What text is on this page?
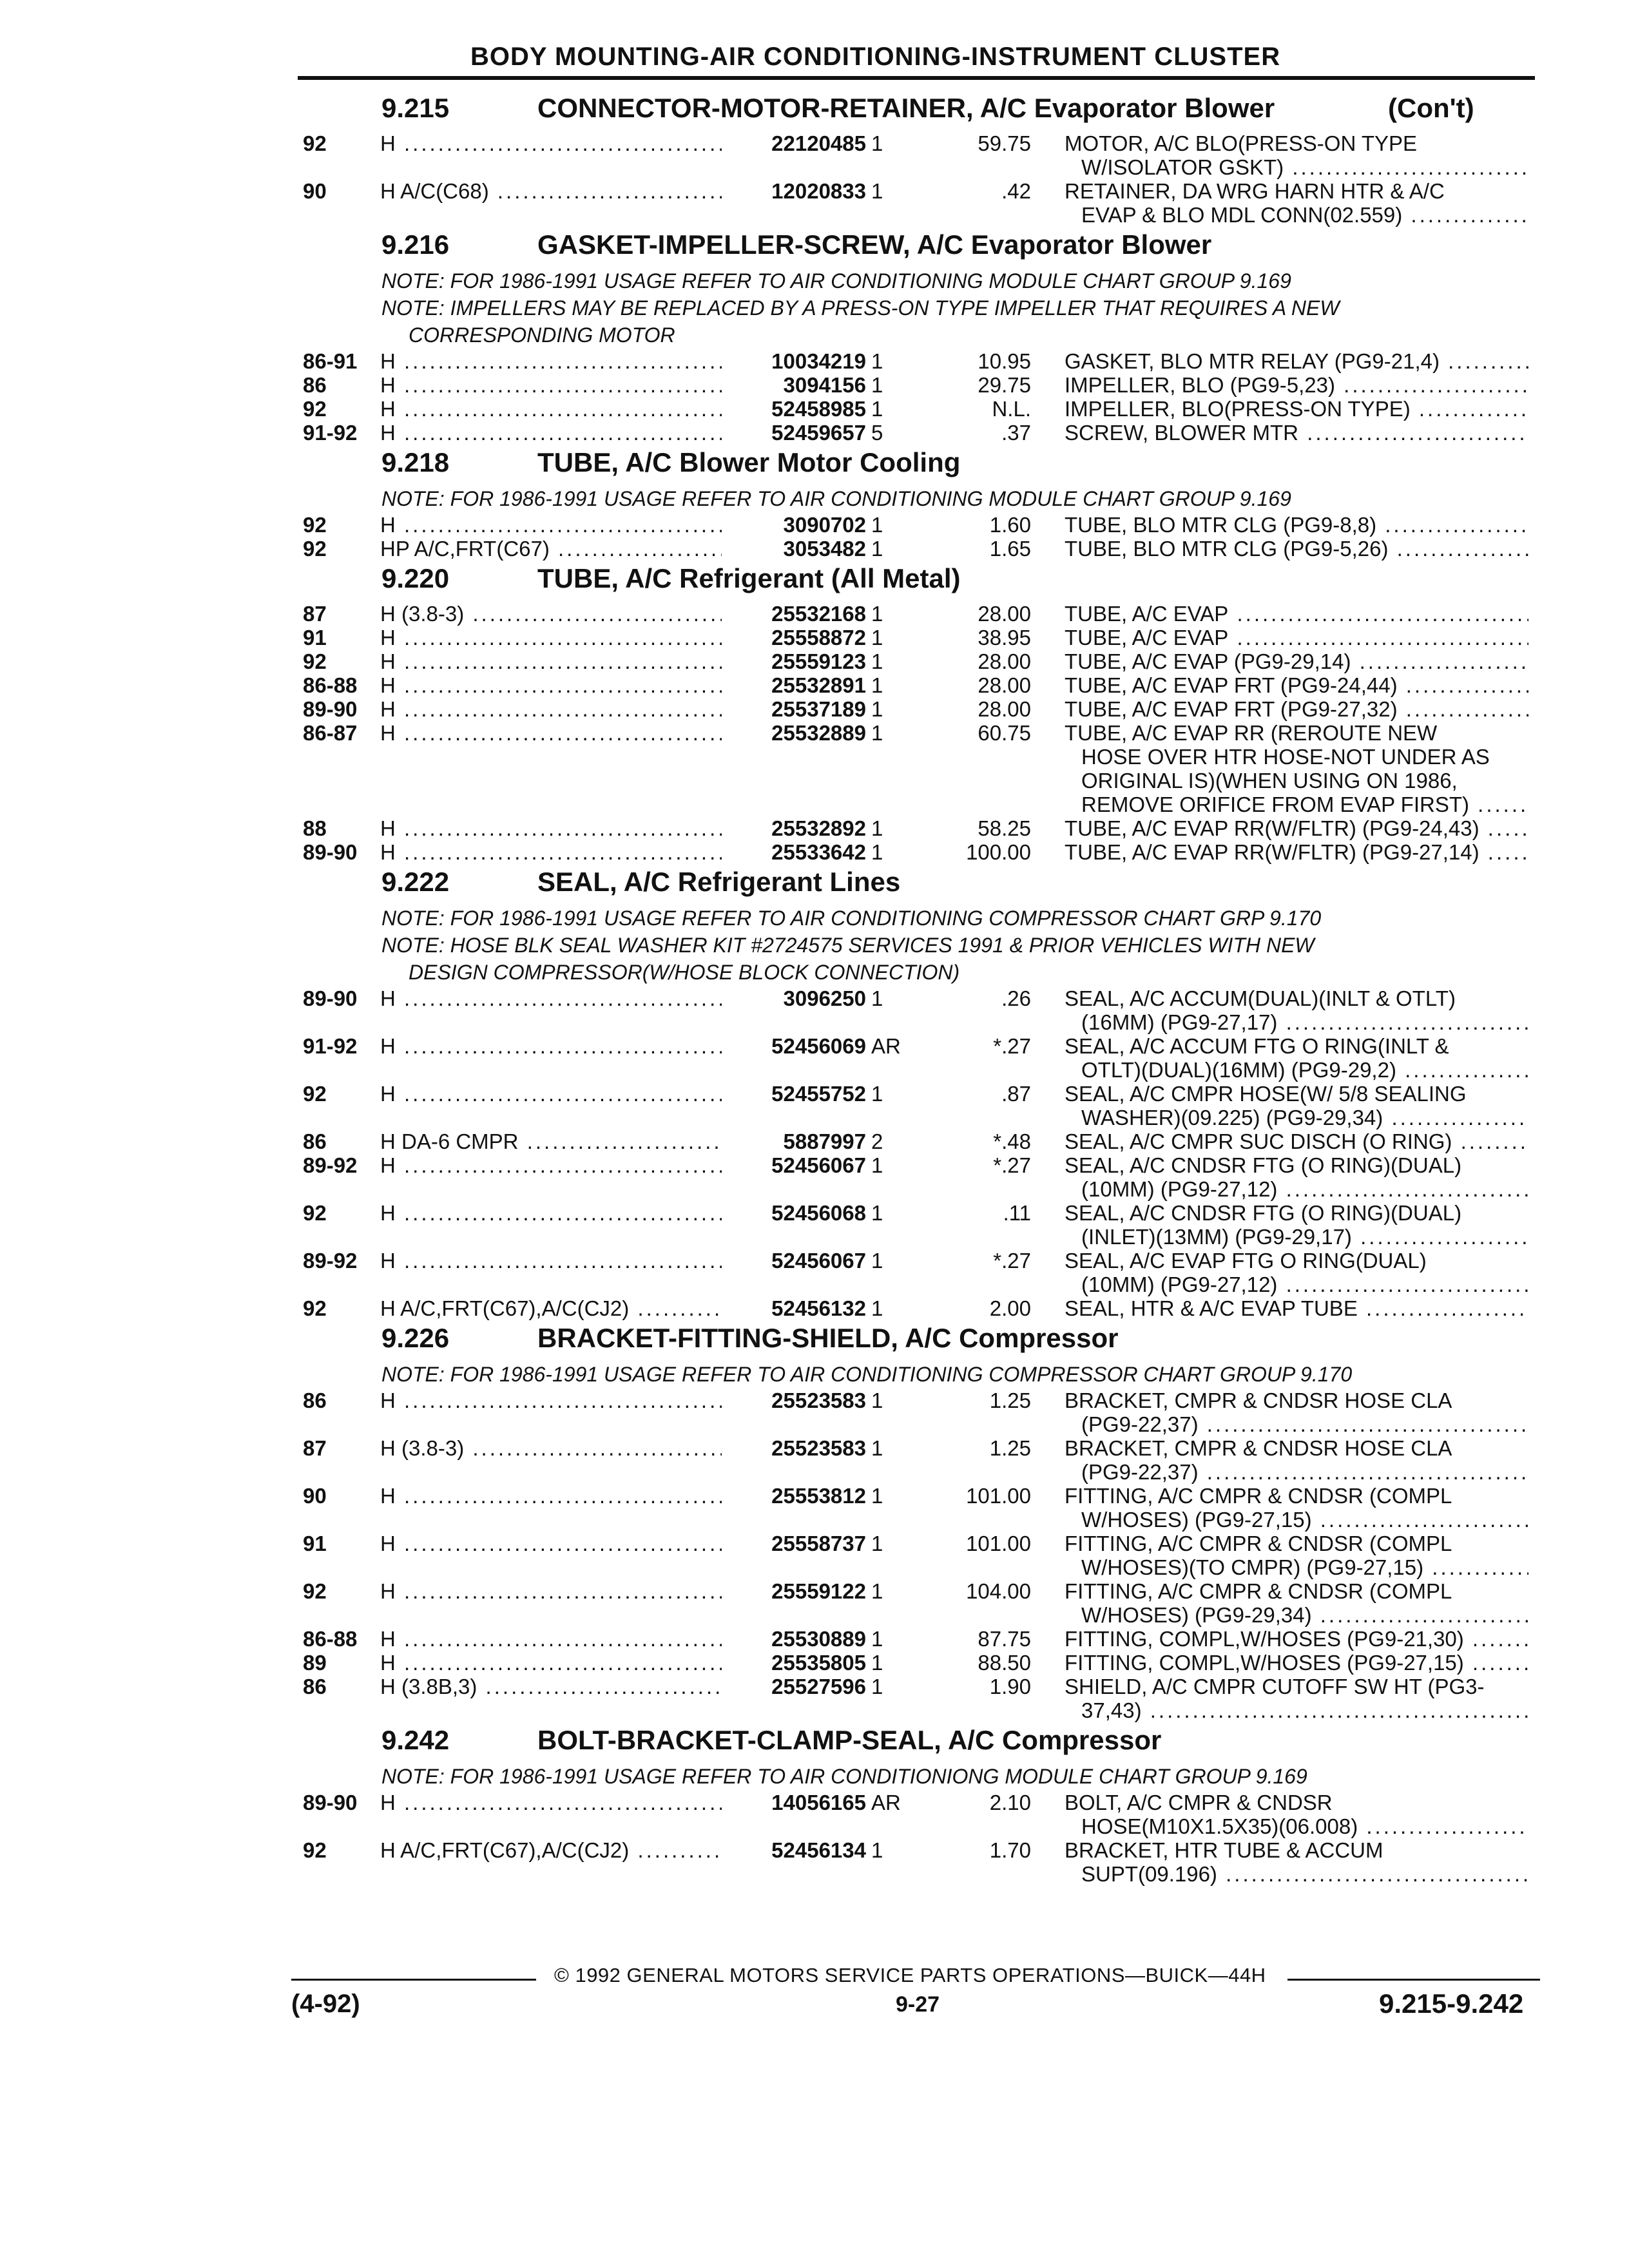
BODY MOUNTING-AIR CONDITIONING-INSTRUMENT CLUSTER
9.215	CONNECTOR-MOTOR-RETAINER, A/C Evaporator Blower	(Con't)
92	H .....	22120485 1	59.75 MOTOR, A/C BLO(PRESS-ON TYPE
W/ISOLATOR GSKT) .....
90	H A/C(C68) .....	12020833 1	.42 RETAINER, DA WRG HARN HTR & A/C
EVAP & BLO MDL CONN(02.559) .....
9.216	GASKET-IMPELLER-SCREW, A/C Evaporator Blower
NOTE: FOR 1986-1991 USAGE REFER TO AIR CONDITIONING MODULE CHART GROUP 9.169
NOTE: IMPELLERS MAY BE REPLACED BY A PRESS-ON TYPE IMPELLER THAT REQUIRES A NEW
CORRESPONDING MOTOR
86-91 H .....	10034219 1	10.95 GASKET, BLO MTR RELAY (PG9-21,4) .....
86	H .....	3094156 1	29.75 IMPELLER, BLO (PG9-5,23) .....
92	H .....	52458985 1	N.L. IMPELLER, BLO(PRESS-ON TYPE) .....
91-92 H .....	52459657 5	.37 SCREW, BLOWER MTR .....
9.218	TUBE, A/C Blower Motor Cooling
NOTE: FOR 1986-1991 USAGE REFER TO AIR CONDITIONING MODULE CHART GROUP 9.169
92	H .....	3090702 1	1.60 TUBE, BLO MTR CLG (PG9-8,8) .....
92	HP A/C,FRT(C67) .....	3053482 1	1.65 TUBE, BLO MTR CLG (PG9-5,26) .....
9.220	TUBE, A/C Refrigerant (All Metal)
87	H (3.8-3) .....	25532168 1	28.00 TUBE, A/C EVAP .....
91	H .....	25558872 1	38.95 TUBE, A/C EVAP .....
92	H .....	25559123 1	28.00 TUBE, A/C EVAP (PG9-29,14) .....
86-88 H .....	25532891 1	28.00 TUBE, A/C EVAP FRT (PG9-24,44) .....
89-90 H .....	25537189 1	28.00 TUBE, A/C EVAP FRT (PG9-27,32) .....
86-87 H .....	25532889 1	60.75 TUBE, A/C EVAP RR (REROUTE NEW
HOSE OVER HTR HOSE-NOT UNDER AS
ORIGINAL IS)(WHEN USING ON 1986,
REMOVE ORIFICE FROM EVAP FIRST) .....
88	H .....	25532892 1	58.25 TUBE, A/C EVAP RR(W/FLTR) (PG9-24,43) .....
89-90 H .....	25533642 1	100.00 TUBE, A/C EVAP RR(W/FLTR) (PG9-27,14) .....
9.222	SEAL, A/C Refrigerant Lines
NOTE: FOR 1986-1991 USAGE REFER TO AIR CONDITIONING COMPRESSOR CHART GRP 9.170
NOTE: HOSE BLK SEAL WASHER KIT #2724575 SERVICES 1991 & PRIOR VEHICLES WITH NEW
DESIGN COMPRESSOR(W/HOSE BLOCK CONNECTION)
89-90 H .....	3096250 1	.26 SEAL, A/C ACCUM(DUAL)(INLT & OTLT)
(16MM) (PG9-27,17) .....
91-92 H .....	52456069 AR	*.27 SEAL, A/C ACCUM FTG O RING(INLT &
OTLT)(DUAL)(16MM) (PG9-29,2) .....
92	H .....	52455752 1	.87 SEAL, A/C CMPR HOSE(W/ 5/8 SEALING
WASHER)(09.225) (PG9-29,34) .....
86	H DA-6 CMPR .....	5887997 2	*.48 SEAL, A/C CMPR SUC DISCH (O RING) .....
89-92 H .....	52456067 1	*.27 SEAL, A/C CNDSR FTG (O RING)(DUAL)
(10MM) (PG9-27,12) .....
92	H .....	52456068 1	.11 SEAL, A/C CNDSR FTG (O RING)(DUAL)
(INLET)(13MM) (PG9-29,17) .....
89-92 H .....	52456067 1	*.27 SEAL, A/C EVAP FTG O RING(DUAL)
(10MM) (PG9-27,12) .....
92	H A/C,FRT(C67),A/C(CJ2) .....	52456132 1	2.00 SEAL, HTR & A/C EVAP TUBE .....
9.226	BRACKET-FITTING-SHIELD, A/C Compressor
NOTE: FOR 1986-1991 USAGE REFER TO AIR CONDITIONING COMPRESSOR CHART GROUP 9.170
86	H .....	25523583 1	1.25 BRACKET, CMPR & CNDSR HOSE CLA
(PG9-22,37) .....
87	H (3.8-3) .....	25523583 1	1.25 BRACKET, CMPR & CNDSR HOSE CLA
(PG9-22,37) .....
90	H .....	25553812 1	101.00 FITTING, A/C CMPR & CNDSR (COMPL
W/HOSES) (PG9-27,15) .....
91	H .....	25558737 1	101.00 FITTING, A/C CMPR & CNDSR (COMPL
W/HOSES)(TO CMPR) (PG9-27,15) .....
92	H .....	25559122 1	104.00 FITTING, A/C CMPR & CNDSR (COMPL
W/HOSES) (PG9-29,34) .....
86-88 H .....	25530889 1	87.75 FITTING, COMPL,W/HOSES (PG9-21,30) .....
89	H .....	25535805 1	88.50 FITTING, COMPL,W/HOSES (PG9-27,15) .....
86	H (3.8B,3) .....	25527596 1	1.90 SHIELD, A/C CMPR CUTOFF SW HT (PG3-
37,43) .....
9.242	BOLT-BRACKET-CLAMP-SEAL, A/C Compressor
NOTE: FOR 1986-1991 USAGE REFER TO AIR CONDITIONIONG MODULE CHART GROUP 9.169
89-90 H .....	14056165 AR	2.10 BOLT, A/C CMPR & CNDSR
HOSE(M10X1.5X35)(06.008) .....
92	H A/C,FRT(C67),A/C(CJ2) .....	52456134 1	1.70 BRACKET, HTR TUBE & ACCUM
SUPT(09.196) .....
© 1992 GENERAL MOTORS SERVICE PARTS OPERATIONS—BUICK—44H
(4-92)	9-27	9.215-9.242
